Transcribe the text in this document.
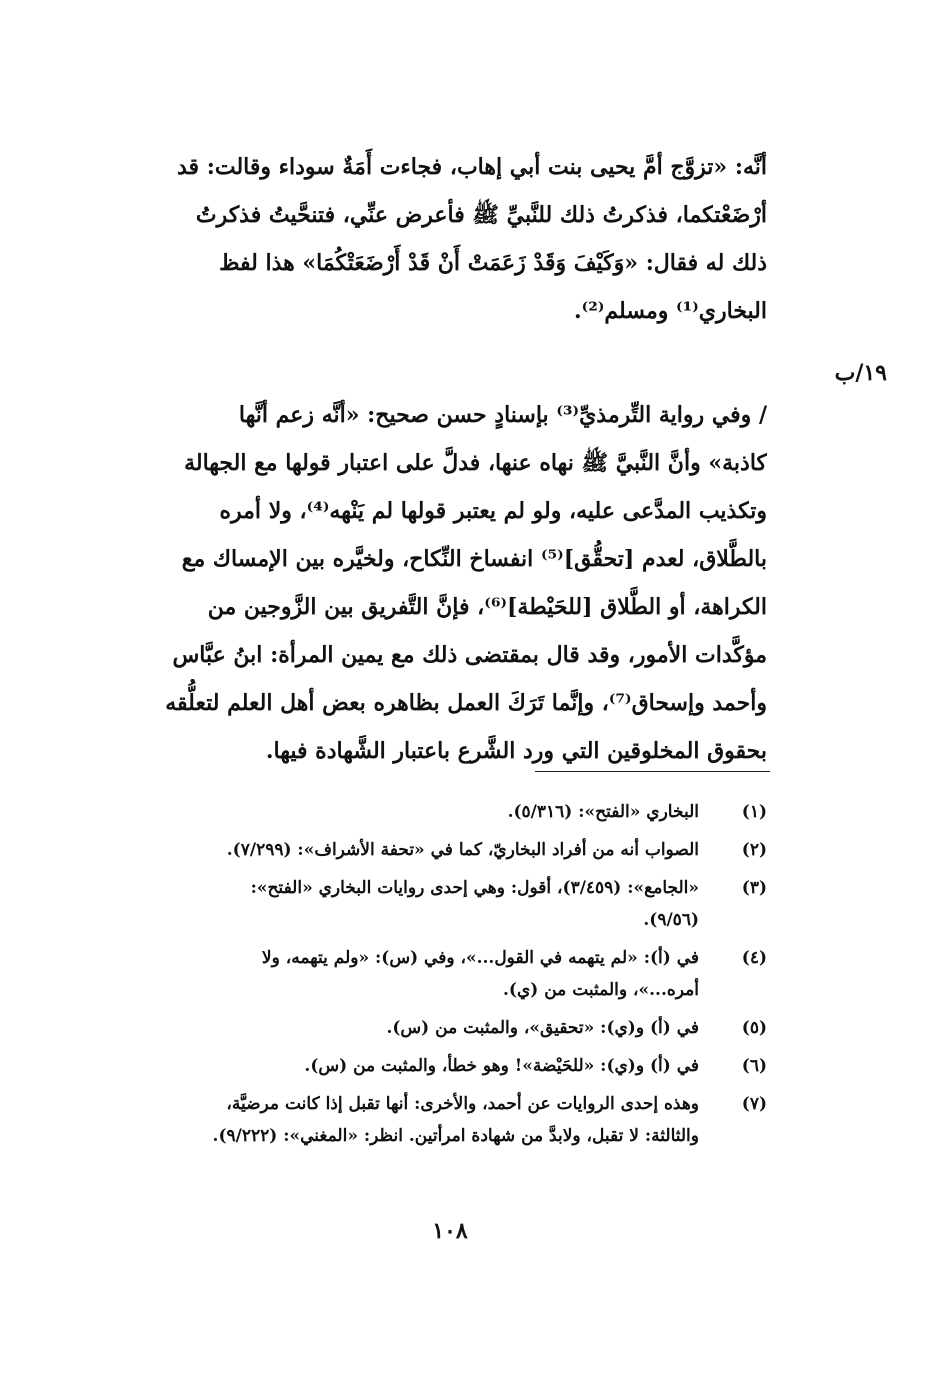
أنَّه: «تزوَّج أمَّ يحيى بنت أبي إهاب، فجاءت أَمَةٌ سوداء وقالت: قد
أرْضَعْتكما، فذكرتُ ذلك للنَّبيِّ ﷺ فأعرض عنِّي، فتنحَّيتُ فذكرتُ
ذلك له فقال: «وَكَيْفَ وَقَدْ زَعَمَتْ أَنْ قَدْ أَرْضَعَتْكُمَا» هذا لفظ
البخاري⁽¹⁾ ومسلم⁽²⁾.
١٩/ب
/ وفي رواية التِّرمذيِّ⁽³⁾ بإسنادٍ حسن صحيح: «أنَّه زعم أنَّها
كاذبة» وأنَّ النَّبيَّ ﷺ نهاه عنها، فدلَّ على اعتبار قولها مع الجهالة
وتكذيب المدَّعى عليه، ولو لم يعتبر قولها لم يَنْهه⁽⁴⁾، ولا أمره
بالطَّلاق، لعدم [تحقُّق]⁽⁵⁾ انفساخ النِّكاح، ولخيَّره بين الإمساك مع
الكراهة، أو الطَّلاق [للحَيْطة]⁽⁶⁾، فإنَّ التَّفريق بين الزَّوجين من
مؤكَّدات الأمور، وقد قال بمقتضى ذلك مع يمين المرأة: ابنُ عبَّاس
وأحمد وإسحاق⁽⁷⁾، وإنَّما تَرَكَ العمل بظاهره بعض أهل العلم لتعلُّقه
بحقوق المخلوقين التي ورد الشَّرع باعتبار الشَّهادة فيها.
(١)
البخاري «الفتح»: (٥/٣١٦).
(٢)
الصواب أنه من أفراد البخاريّ، كما في «تحفة الأشراف»: (٧/٢٩٩).
(٣)
«الجامع»: (٣/٤٥٩)، أقول: وهي إحدى روايات البخاري «الفتح»:
(٩/٥٦).
(٤)
في (أ): «لم يتهمه في القول...»، وفي (س): «ولم يتهمه، ولا
أمره...»، والمثبت من (ي).
(٥)
في (أ) و(ي): «تحقيق»، والمثبت من (س).
(٦)
في (أ) و(ي): «للحَيْضة»! وهو خطأ، والمثبت من (س).
(٧)
وهذه إحدى الروايات عن أحمد، والأخرى: أنها تقبل إذا كانت مرضيَّة،
والثالثة: لا تقبل، ولابدَّ من شهادة امرأتين. انظر: «المغني»: (٩/٢٢٢).
١٠٨
